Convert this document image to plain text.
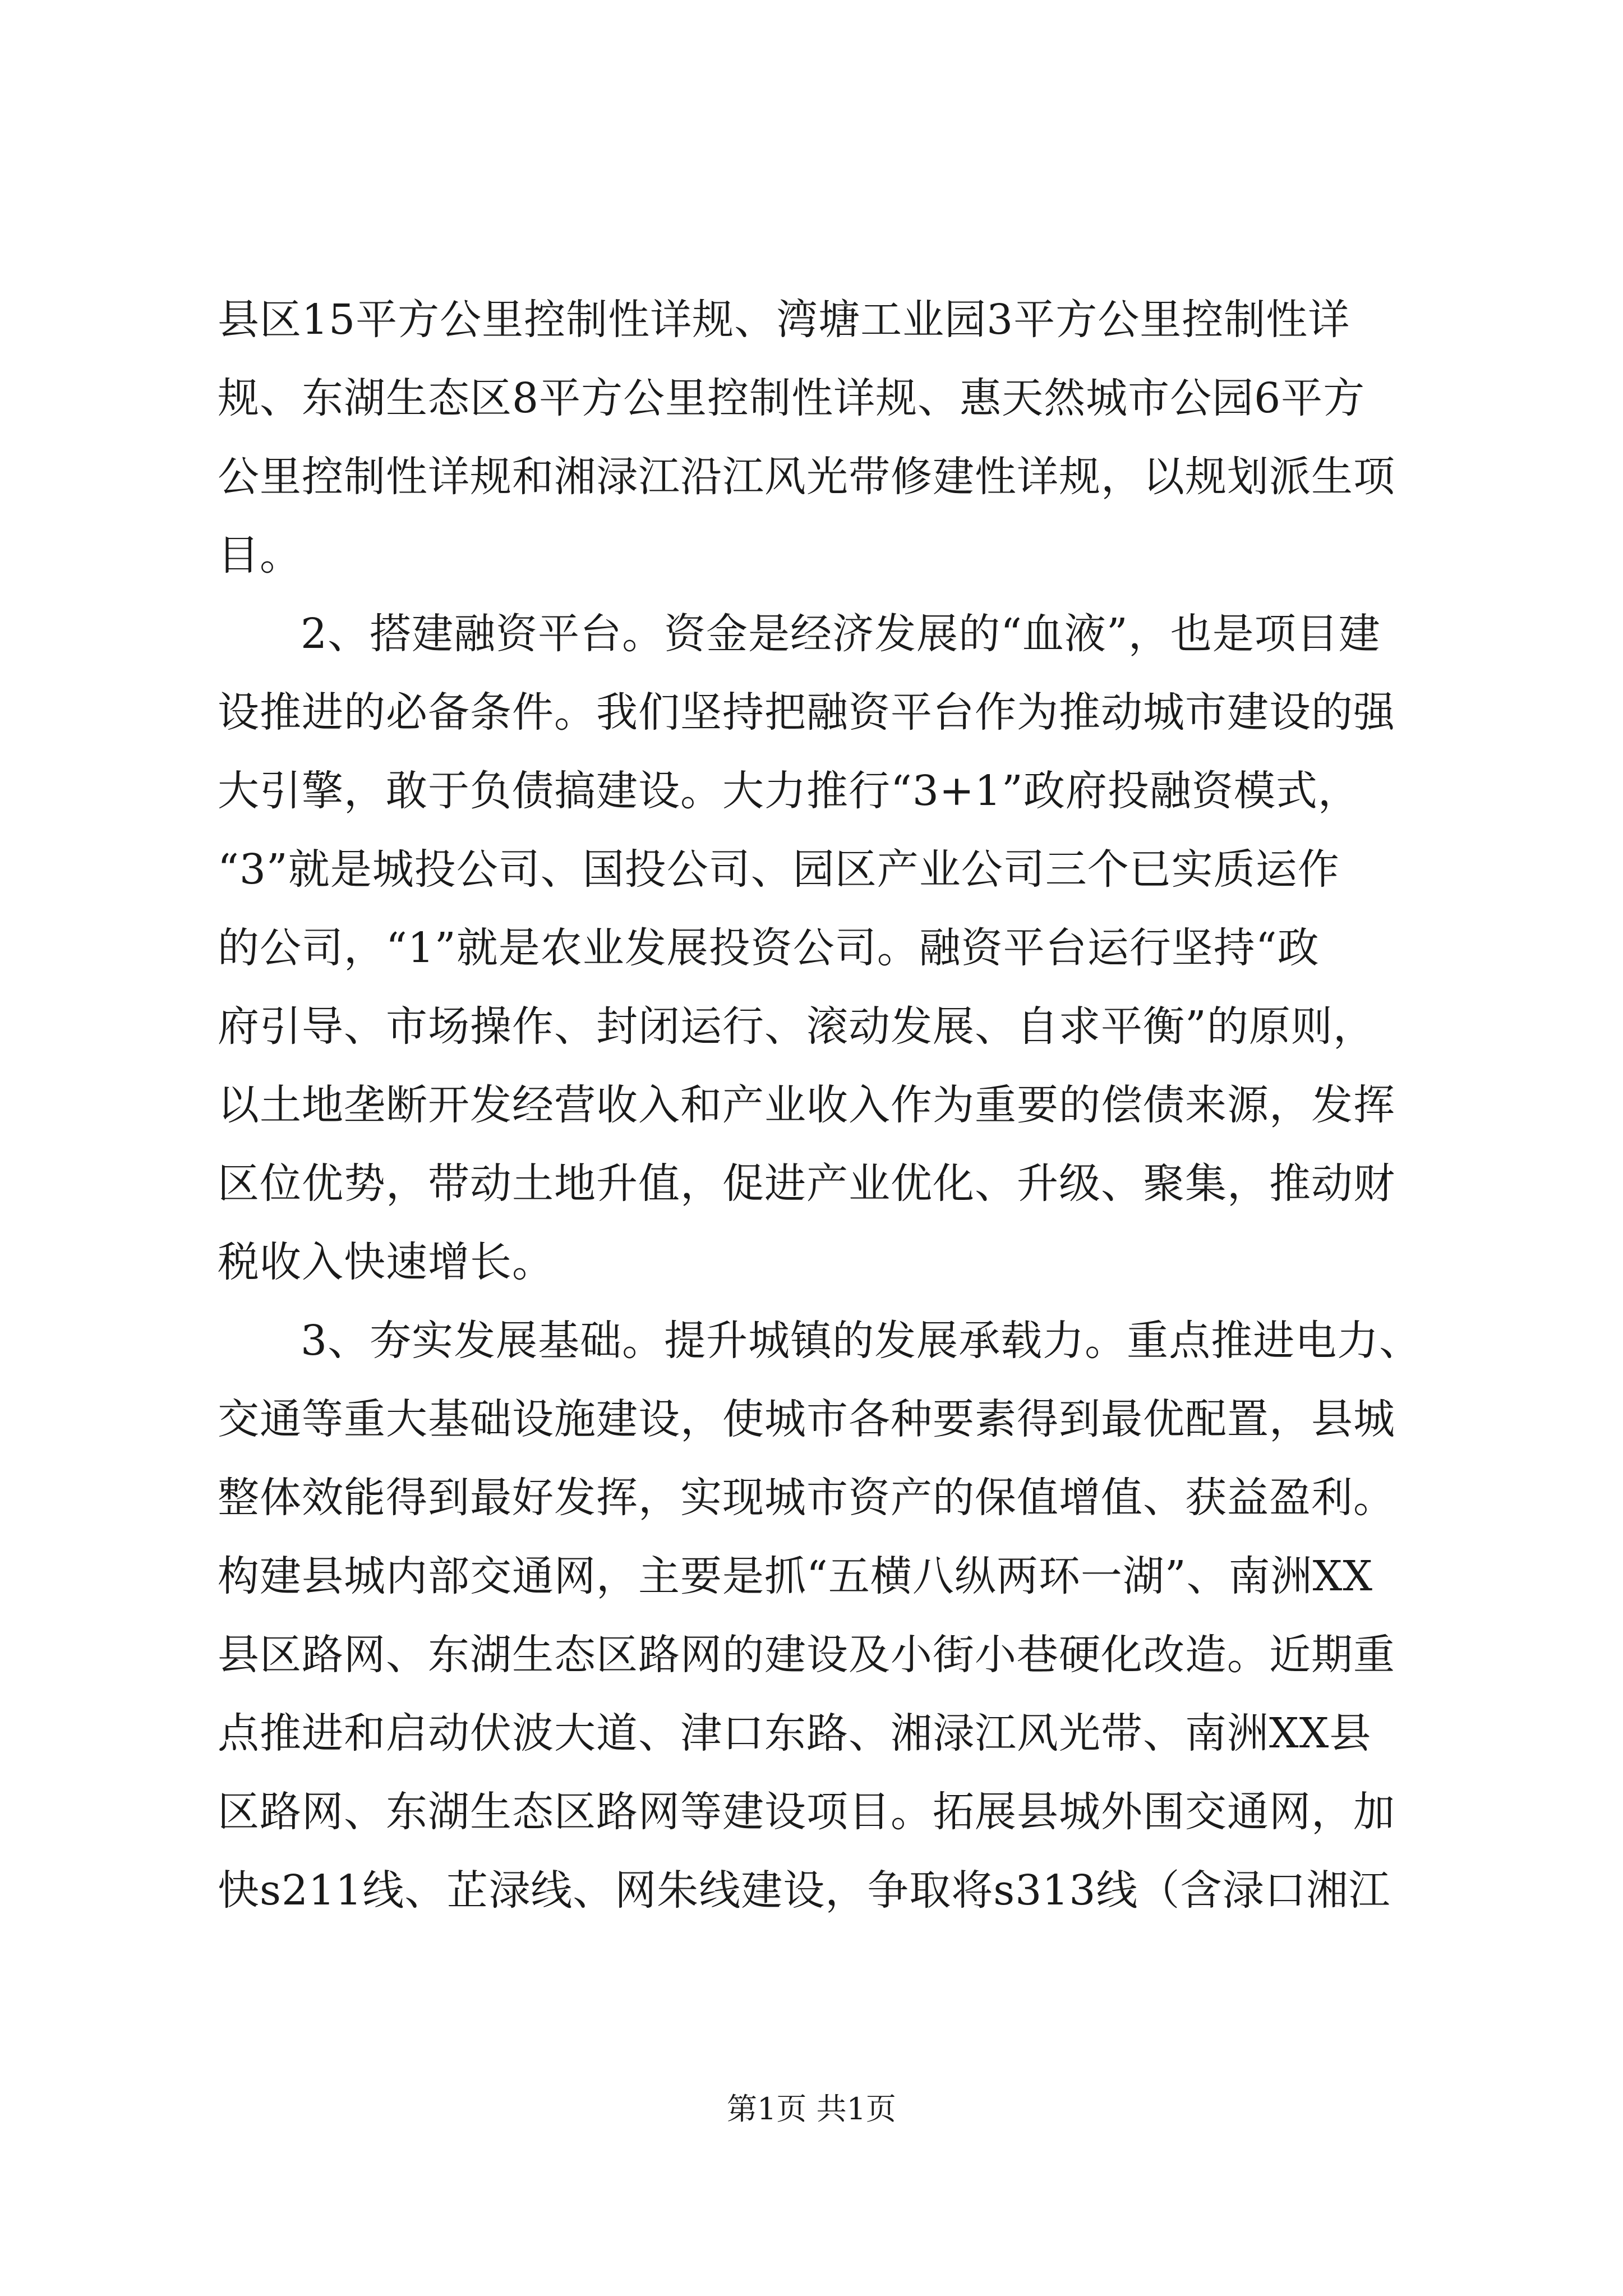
县区15平方公里控制性详规、湾塘工业园3平方公里控制性详
规、东湖生态区8平方公里控制性详规、惠天然城市公园6平方
公里控制性详规和湘渌江沿江风光带修建性详规，以规划派生项
目。
2、搭建融资平台。资金是经济发展的“血液”，也是项目建
设推进的必备条件。我们坚持把融资平台作为推动城市建设的强
大引擎，敢于负债搞建设。大力推行“3+1”政府投融资模式，
“3”就是城投公司、国投公司、园区产业公司三个已实质运作
的公司，“1”就是农业发展投资公司。融资平台运行坚持“政
府引导、市场操作、封闭运行、滚动发展、自求平衡”的原则，
以土地垄断开发经营收入和产业收入作为重要的偿债来源，发挥
区位优势，带动土地升值，促进产业优化、升级、聚集，推动财
税收入快速增长。
3、夯实发展基础。提升城镇的发展承载力。重点推进电力、
交通等重大基础设施建设，使城市各种要素得到最优配置，县城
整体效能得到最好发挥，实现城市资产的保值增值、获益盈利。
构建县城内部交通网，主要是抓“五横八纵两环一湖”、南洲XX
县区路网、东湖生态区路网的建设及小街小巷硬化改造。近期重
点推进和启动伏波大道、津口东路、湘渌江风光带、南洲XX县
区路网、东湖生态区路网等建设项目。拓展县城外围交通网，加
快s211线、芷渌线、网朱线建设，争取将s313线（含渌口湘江
第1页 共1页
